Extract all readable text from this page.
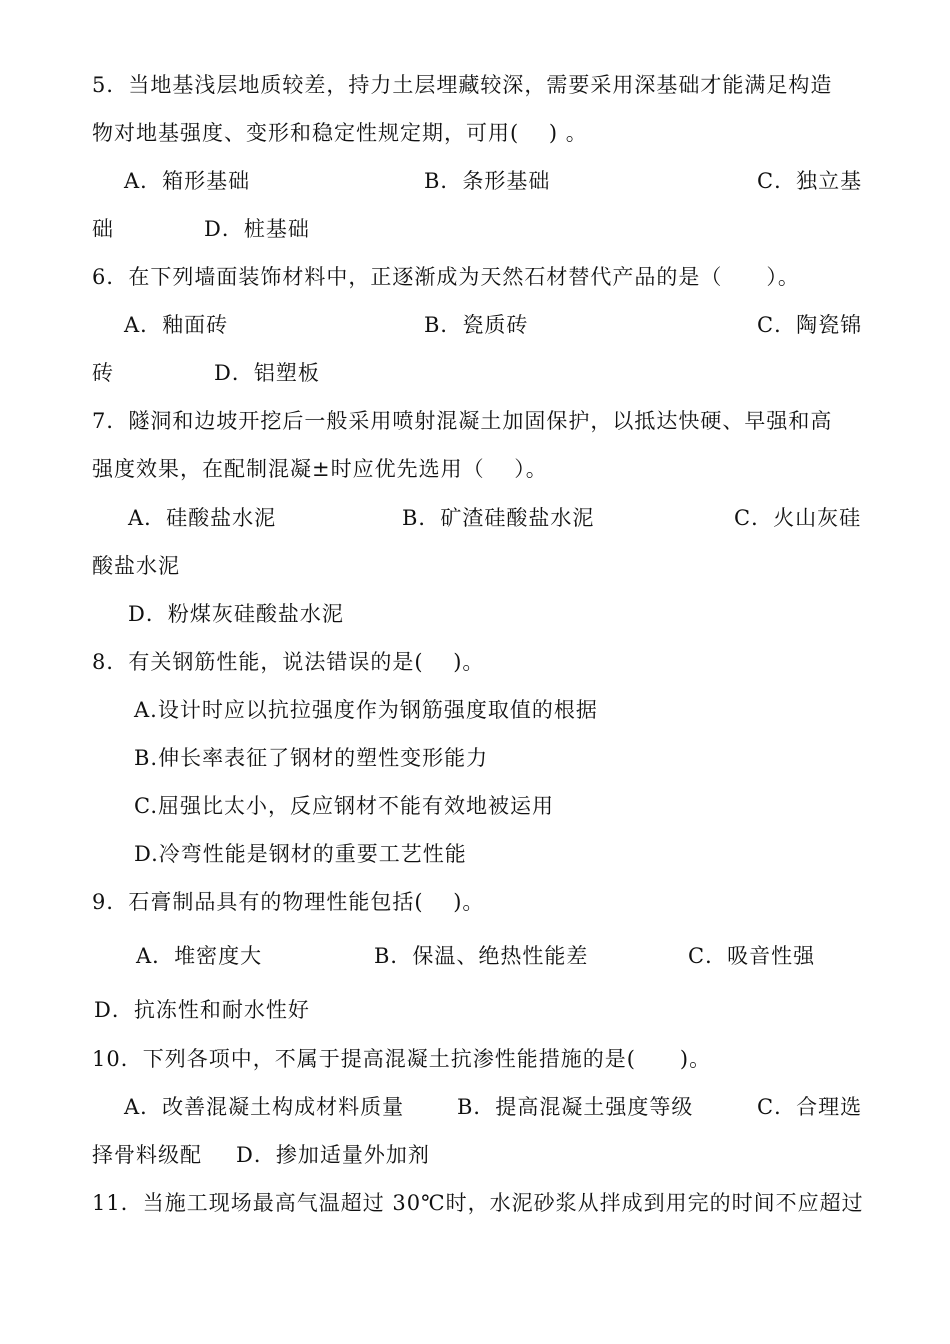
5．当地基浅层地质较差，持力土层埋藏较深，需要采用深基础才能满足构造
物对地基强度、变形和稳定性规定期，可用(　 ) 。
A．箱形基础	B．条形基础	C．独立基
础	D．桩基础
6．在下列墙面装饰材料中，正逐渐成为天然石材替代产品的是（　　）。
A．釉面砖	B．瓷质砖	C．陶瓷锦
砖	D．铝塑板
7．隧洞和边坡开挖后一般采用喷射混凝土加固保护，以抵达快硬、早强和高
强度效果，在配制混凝±时应优先选用（　 ）。
A．硅酸盐水泥	B．矿渣硅酸盐水泥	C．火山灰硅
酸盐水泥
D．粉煤灰硅酸盐水泥
8．有关钢筋性能，说法错误的是(　 )。
A.设计时应以抗拉强度作为钢筋强度取值的根据
B.伸长率表征了钢材的塑性变形能力
C.屈强比太小，反应钢材不能有效地被运用
D.冷弯性能是钢材的重要工艺性能
9．石膏制品具有的物理性能包括(　 )。
A．堆密度大	B．保温、绝热性能差	C．吸音性强
D．抗冻性和耐水性好
10．下列各项中，不属于提高混凝土抗渗性能措施的是(　　)。
A．改善混凝土构成材料质量	B．提高混凝土强度等级	C．合理选
择骨料级配 D．掺加适量外加剂
11．当施工现场最高气温超过 30℃时，水泥砂浆从拌成到用完的时间不应超过
